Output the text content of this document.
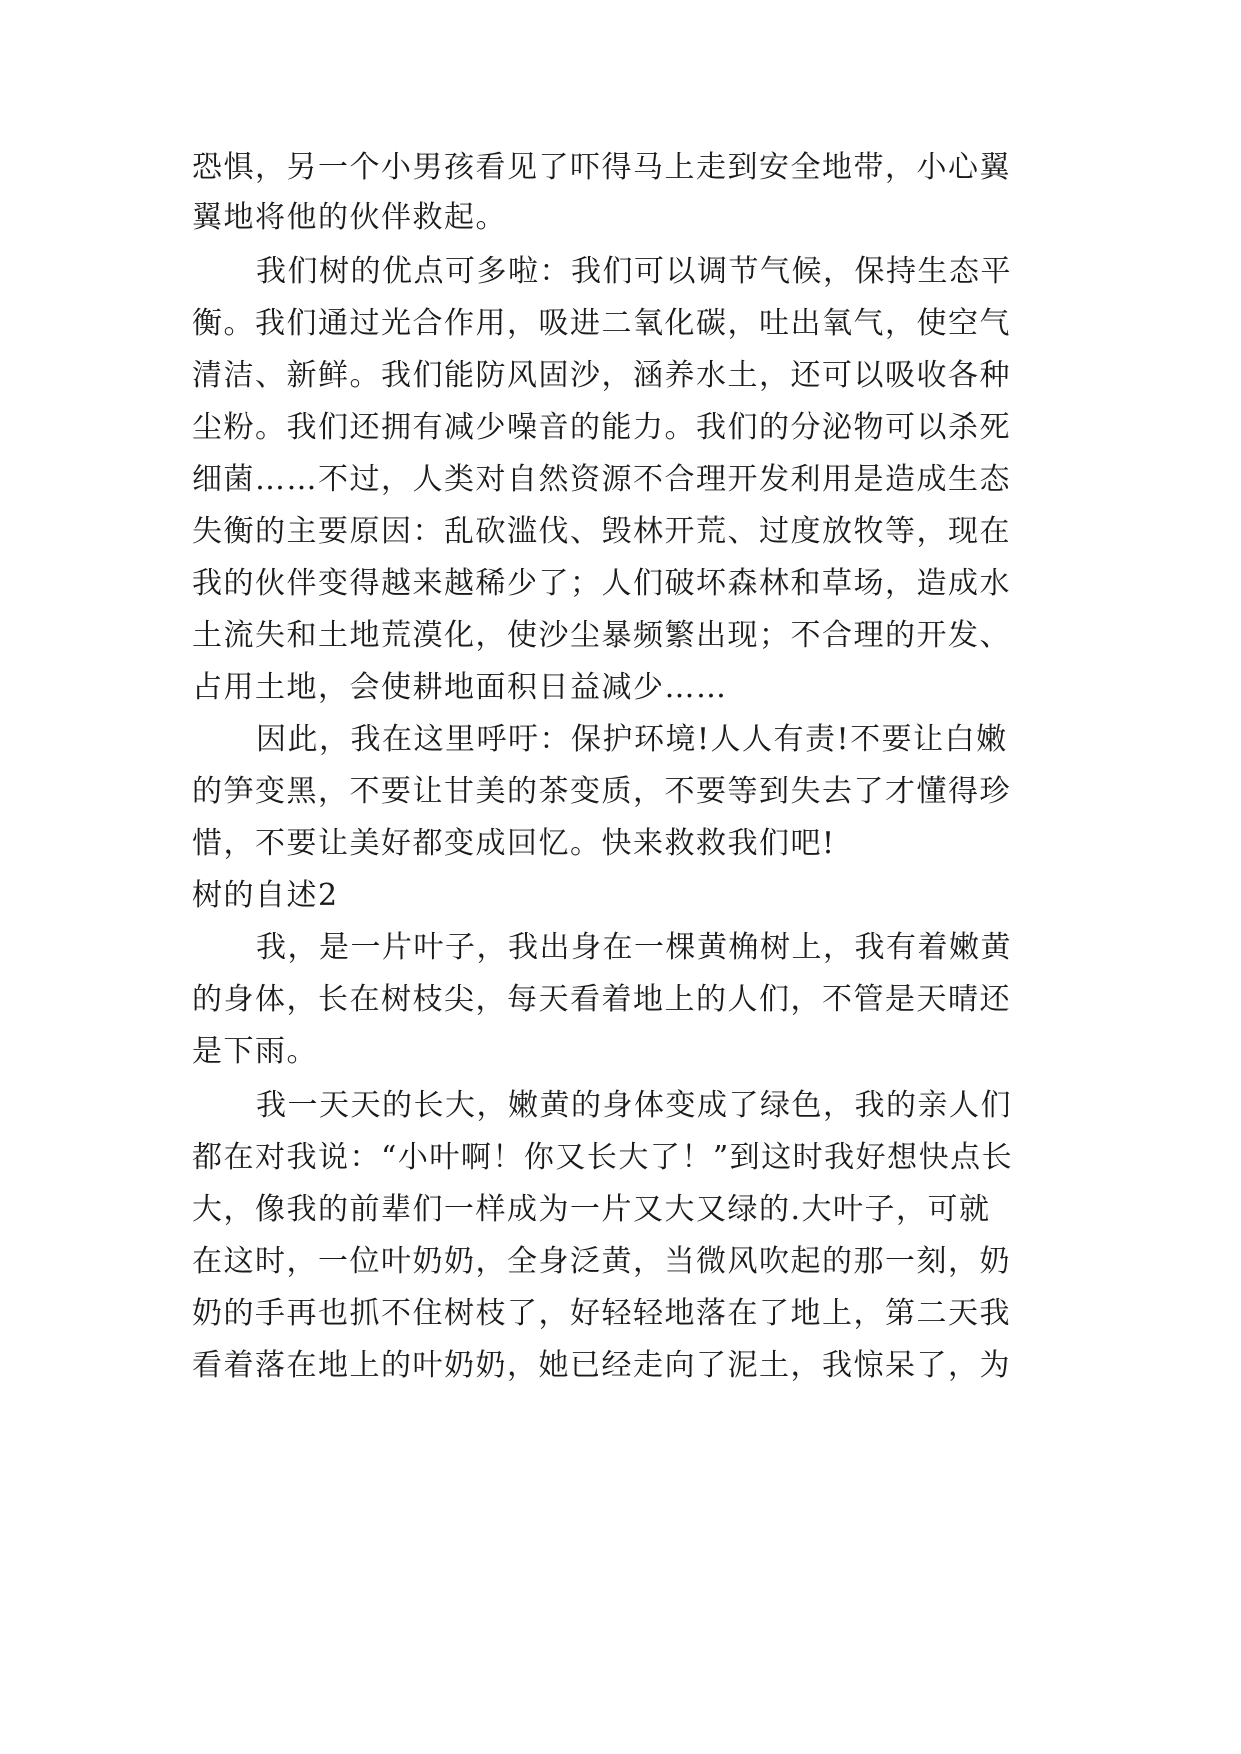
恐惧，另一个小男孩看见了吓得马上走到安全地带，小心翼
翼地将他的伙伴救起。
我们树的优点可多啦：我们可以调节气候，保持生态平
衡。我们通过光合作用，吸进二氧化碳，吐出氧气，使空气
清洁、新鲜。我们能防风固沙，涵养水土，还可以吸收各种
尘粉。我们还拥有减少噪音的能力。我们的分泌物可以杀死
细菌……不过，人类对自然资源不合理开发利用是造成生态
失衡的主要原因：乱砍滥伐、毁林开荒、过度放牧等，现在
我的伙伴变得越来越稀少了；人们破坏森林和草场，造成水
土流失和土地荒漠化，使沙尘暴频繁出现；不合理的开发、
占用土地，会使耕地面积日益减少……
因此，我在这里呼吁：保护环境!人人有责!不要让白嫩
的笋变黑，不要让甘美的茶变质，不要等到失去了才懂得珍
惜，不要让美好都变成回忆。快来救救我们吧!
树的自述2
我，是一片叶子，我出身在一棵黄桷树上，我有着嫩黄
的身体，长在树枝尖，每天看着地上的人们，不管是天晴还
是下雨。
我一天天的长大，嫩黄的身体变成了绿色，我的亲人们
都在对我说：“小叶啊！你又长大了！”到这时我好想快点长
大，像我的前辈们一样成为一片又大又绿的.大叶子，可就
在这时，一位叶奶奶，全身泛黄，当微风吹起的那一刻，奶
奶的手再也抓不住树枝了，好轻轻地落在了地上，第二天我
看着落在地上的叶奶奶，她已经走向了泥土，我惊呆了，为
